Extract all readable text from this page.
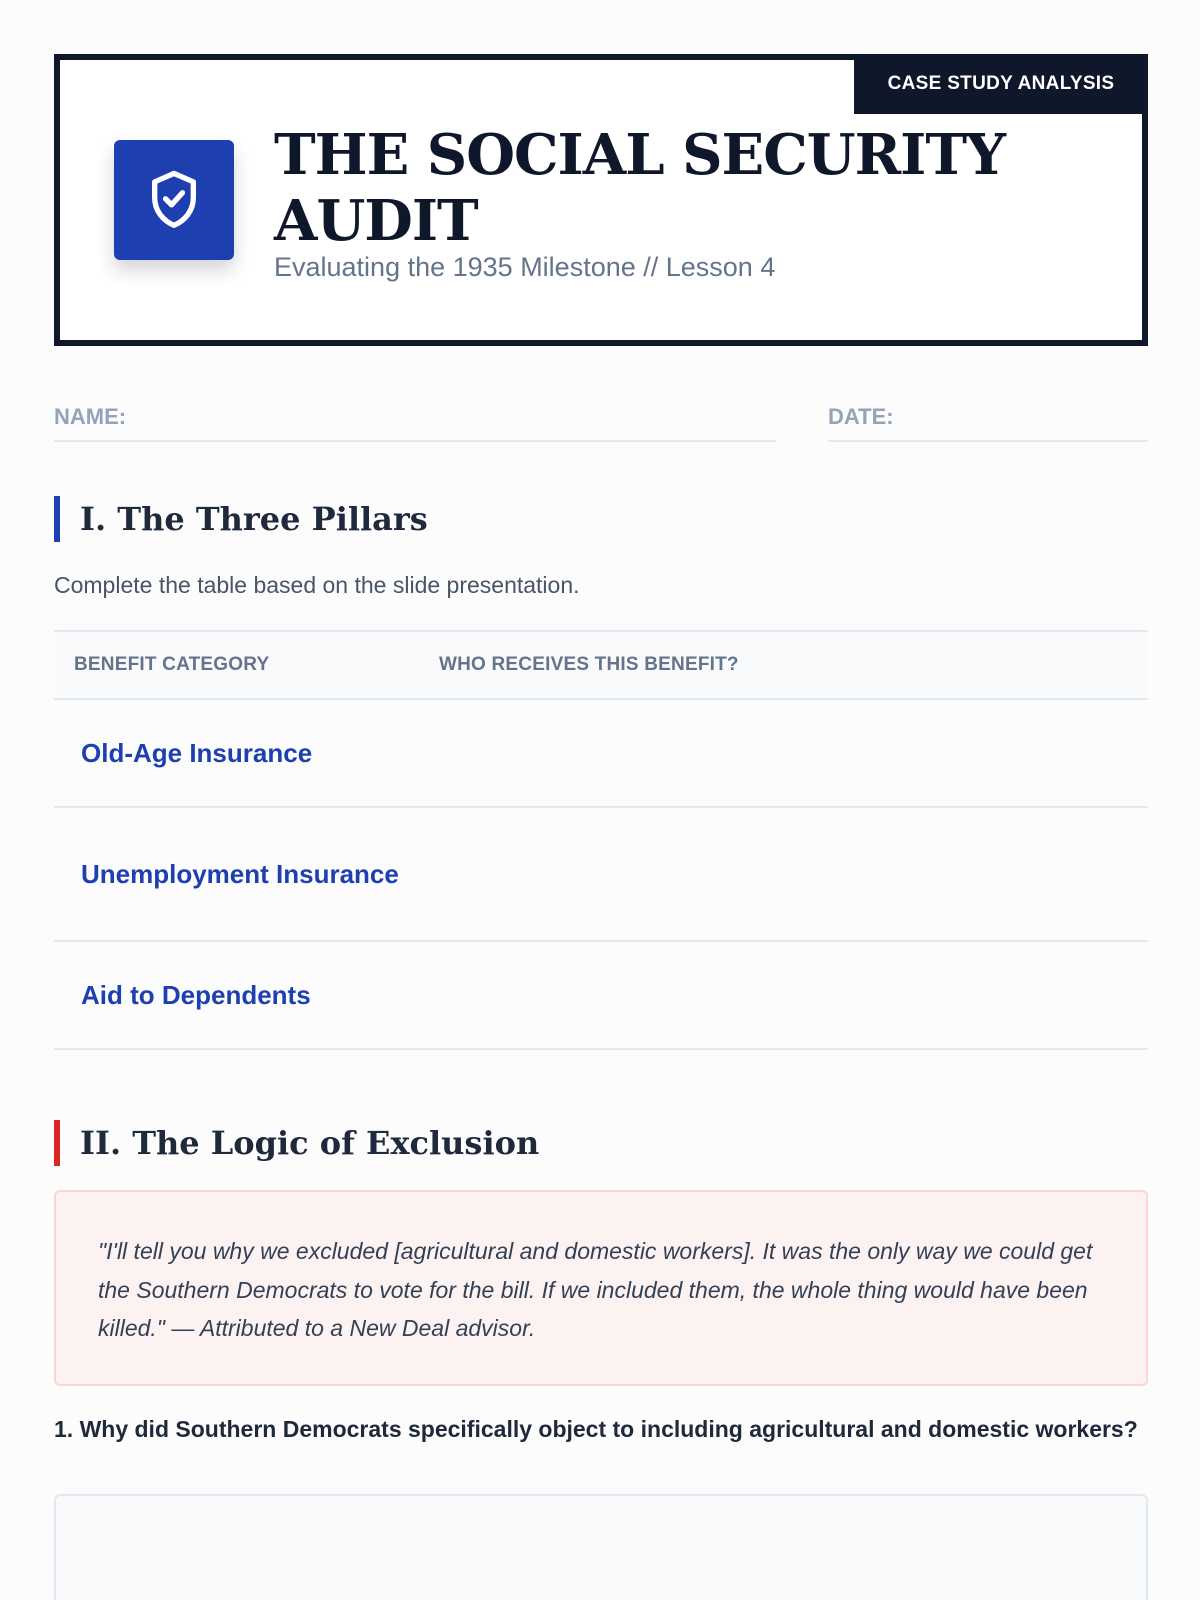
CASE STUDY ANALYSIS
THE SOCIAL SECURITY AUDIT
Evaluating the 1935 Milestone // Lesson 4
NAME:	DATE:
I. The Three Pillars

Complete the table based on the slide presentation.

BENEFIT CATEGORY	WHO RECEIVES THIS BENEFIT?
Old-Age Insurance	
Unemployment Insurance	
Aid to Dependents	
II. The Logic of Exclusion
"I'll tell you why we excluded [agricultural and domestic workers]. It was the only way we could get the Southern Democrats to vote for the bill. If we included them, the whole thing would have been killed." — Attributed to a New Deal advisor.

1. Why did Southern Democrats specifically object to including agricultural and domestic workers?
